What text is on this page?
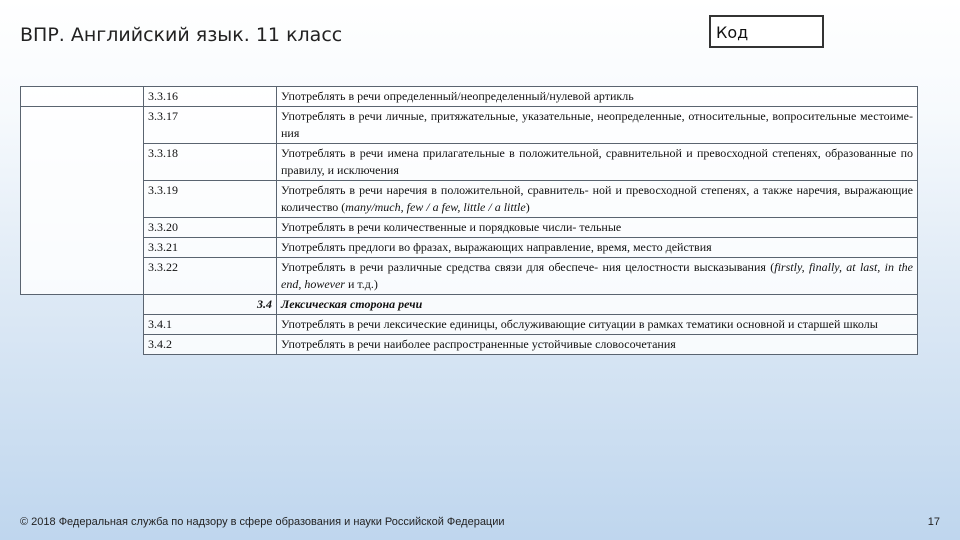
ВПР. Английский язык. 11 класс	Код
	3.3.16	Употреблять в речи определенный/неопределенный/нулевой артикль
	3.3.17	Употреблять в речи личные, притяжательные, указательные, неопределенные, относительные, вопросительные местоиме- ния
	3.3.18	Употреблять в речи имена прилагательные в положительной, сравнительной и превосходной степенях, образованные по правилу, и исключения
	3.3.19	Употреблять в речи наречия в положительной, сравнитель- ной и превосходной степенях, а также наречия, выражающие количество (many/much, few / a few, little / a little)
	3.3.20	Употреблять в речи количественные и порядковые числи- тельные
	3.3.21	Употреблять предлоги во фразах, выражающих направление, время, место действия
	3.3.22	Употреблять в речи различные средства связи для обеспече- ния целостности высказывания (firstly, finally, at last, in the end, however и т.д.)
	3.4	Лексическая сторона речи
	3.4.1	Употреблять в речи лексические единицы, обслуживающие ситуации в рамках тематики основной и старшей школы
	3.4.2	Употреблять в речи наиболее распространенные устойчивые словосочетания
© 2018 Федеральная служба по надзору в сфере образования и науки Российской Федерации	17
